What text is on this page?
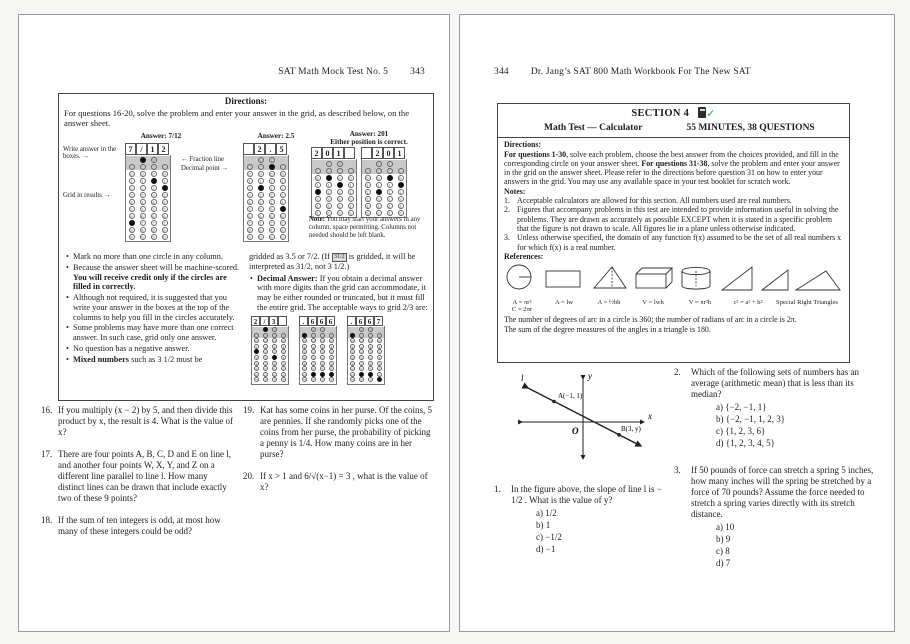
SAT Math Mock Test No. 5 343
Directions:
For questions 16-20, solve the problem and enter your answer in the grid, as described below, on the answer sheet.
Answer: 7/12	Answer: 2.5	Answer: 201
Either position is correct.
Write answer in the boxes. →	← Fraction line
Decimal point →
Grid in results →
7 / 1 2
/	/
.	.	.	.
0	0	0	0
1	1	1	1
2	2	2	2
3	3	3	3
4	4	4	4
5	5	5	5
6	6	6	6
7	7	7	7
8	8	8	8
9	9	9	9
2	.	5
/	/
.	.	.	.
0	0	0	0
1	1	1	1
2	2	2	2
3	3	3	3
4	4	4	4
5	5	5	5
6	6	6	6
7	7	7	7
8	8	8	8
9	9	9	9
2 0 1
/	/
.	.	.	.
0	0	0	0
1	1	1	1
2	2	2	2
3	3	3	3
4	4	4	4
5	5	5	5
2 0 1
/	/
.	.	.	.
0	0	0	0
1	1	1	1
2	2	2	2
3	3	3	3
4	4	4	4
5	5	5	5
Note: You may start your answers in any column, space permitting. Columns not needed should be left blank.
• Mark no more than one circle in any column.
• Because the answer sheet will be machine-scored. You will receive credit only if the circles are filled in correctly.
• Although not required, it is suggested that you write your answer in the boxes at the top of the columns to help you fill in the circles accurately.
• Some problems may have more than one correct answer. In such case, grid only one answer.
• No question has a negative answer.
• Mixed numbers such as 3 1/2 must be
gridded as 3.5 or 7/2. (If 31/2 is gridded, it will be interpreted as 31/2, not 3 1/2.)
• Decimal Answer: If you obtain a decimal answer with more digits than the grid can accommodate, it may be either rounded or truncated, but it must fill the entire grid. The acceptable ways to grid 2/3 are:
2 / 3
/	/
.	.	.	.
0	0	0	0
1	1	1	1
2	2	2	2
3	3	3	3
4	4	4	4
5	5	5	5
6	6	6	6
7	7	7	7
. 6 6 6
/	/
.	.	.	.
0	0	0	0
1	1	1	1
2	2	2	2
3	3	3	3
4	4	4	4
5	5	5	5
6	6	6	6
7	7	7	7
. 6 6 7
/	/
.	.	.	.
0	0	0	0
1	1	1	1
2	2	2	2
3	3	3	3
4	4	4	4
5	5	5	5
6	6	6	6
7	7	7	7
16. If you multiply (x − 2) by 5, and then divide this product by x, the result is 4. What is the value of x?
17. There are four points A, B, C, D and E on line l, and another four points W, X, Y, and Z on a different line parallel to line l. How many distinct lines can be drawn that include exactly two of these 9 points?
18. If the sum of ten integers is odd, at most how many of these integers could be odd?
19. Kat has some coins in her purse. Of the coins, 5 are pennies. If she randomly picks one of the coins from her purse, the probability of picking a penny is 1/4. How many coins are in her purse?
20. If x > 1 and 6/√(x−1) = 3 , what is the value of x?
344 Dr. Jang’s SAT 800 Math Workbook For The New SAT
SECTION 4 ✓
Math Test — Calculator	55 MINUTES, 38 QUESTIONS
Directions:
For questions 1-30, solve each problem, choose the best answer from the choices provided, and fill in the corresponding circle on your answer sheet. For questions 31-38, solve the problem and enter your answer in the grid on the answer sheet. Please refer to the directions before question 31 on how to enter your answers in the grid. You may use any available space in your test booklet for scratch work.
Notes:
1. Acceptable calculators are allowed for this section. All numbers used are real numbers.
2. Figures that accompany problems in this test are intended to provide information useful in solving the problems. They are drawn as accurately as possible EXCEPT when it is stated in a specific problem that the figure is not drawn to scale. All figures lie in a plane unless otherwise indicated.
3. Unless otherwise specified, the domain of any function f(x) assumed to be the set of all real numbers x for which f(x) is a real number.
References:
A = πr²
C = 2πr
A = lw	A = ½bh	V = lwh	V = πr²h	c² = a² + b²	Special Right Triangles
The number of degrees of arc in a circle is 360; the number of radians of arc in a circle is 2π.
The sum of the degree measures of the angles in a triangle is 180.
l	y
x
O
A(−1, 1)
B(3, y)
1. In the figure above, the slope of line l is − 1/2 . What is the value of y?
a) 1/2
b) 1
c) −1/2
d) −1
2. Which of the following sets of numbers has an average (arithmetic mean) that is less than its median?
a) {−2, −1, 1}
b) {−2, −1, 1, 2, 3}
c) {1, 2, 3, 6}
d) {1, 2, 3, 4, 5}
3. If 50 pounds of force can stretch a spring 5 inches, how many inches will the spring be stretched by a force of 70 pounds? Assume the force needed to stretch a spring varies directly with its stretch distance.
a) 10
b) 9
c) 8
d) 7
